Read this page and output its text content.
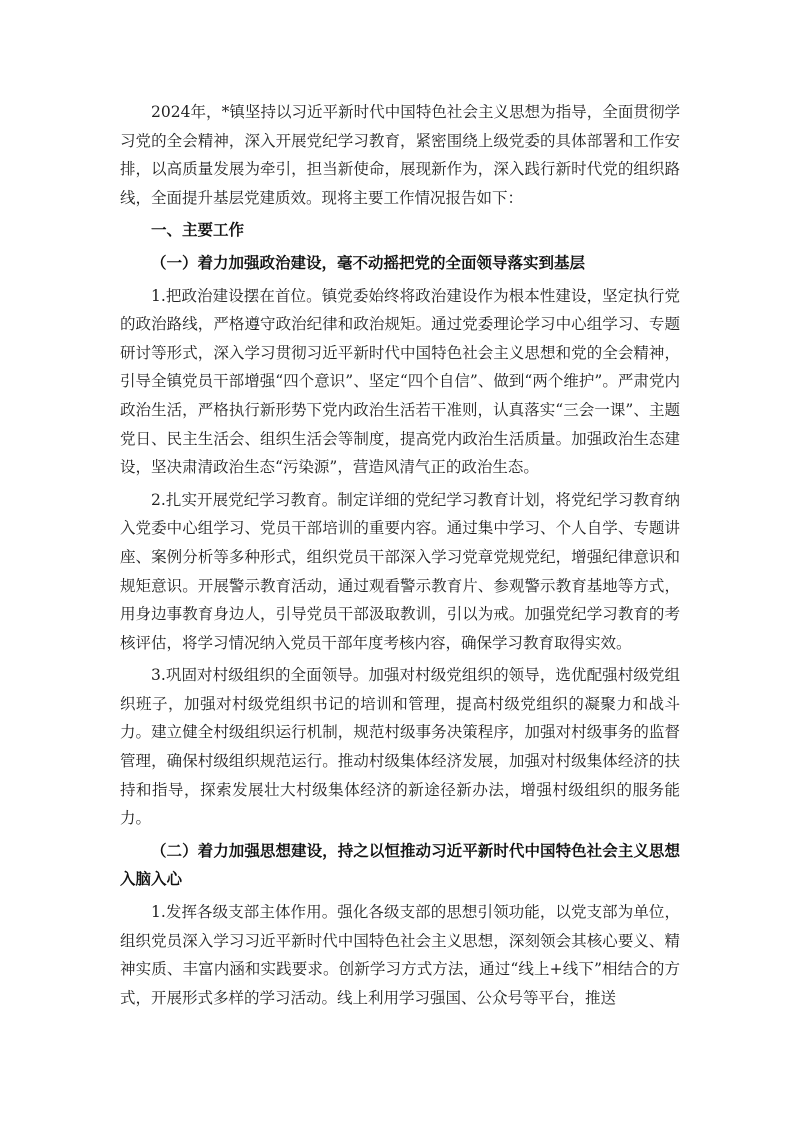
2024年，*镇坚持以习近平新时代中国特色社会主义思想为指导，全面贯彻学习党的全会精神，深入开展党纪学习教育，紧密围绕上级党委的具体部署和工作安排，以高质量发展为牵引，担当新使命，展现新作为，深入践行新时代党的组织路线，全面提升基层党建质效。现将主要工作情况报告如下：

一、主要工作
（一）着力加强政治建设，毫不动摇把党的全面领导落实到基层

1.把政治建设摆在首位。镇党委始终将政治建设作为根本性建设，坚定执行党的政治路线，严格遵守政治纪律和政治规矩。通过党委理论学习中心组学习、专题研讨等形式，深入学习贯彻习近平新时代中国特色社会主义思想和党的全会精神，引导全镇党员干部增强“四个意识”、坚定“四个自信”、做到“两个维护”。严肃党内政治生活，严格执行新形势下党内政治生活若干准则，认真落实“三会一课”、主题党日、民主生活会、组织生活会等制度，提高党内政治生活质量。加强政治生态建设，坚决肃清政治生态“污染源”，营造风清气正的政治生态。

2.扎实开展党纪学习教育。制定详细的党纪学习教育计划，将党纪学习教育纳入党委中心组学习、党员干部培训的重要内容。通过集中学习、个人自学、专题讲座、案例分析等多种形式，组织党员干部深入学习党章党规党纪，增强纪律意识和规矩意识。开展警示教育活动，通过观看警示教育片、参观警示教育基地等方式，用身边事教育身边人，引导党员干部汲取教训，引以为戒。加强党纪学习教育的考核评估，将学习情况纳入党员干部年度考核内容，确保学习教育取得实效。

3.巩固对村级组织的全面领导。加强对村级党组织的领导，选优配强村级党组织班子，加强对村级党组织书记的培训和管理，提高村级党组织的凝聚力和战斗力。建立健全村级组织运行机制，规范村级事务决策程序，加强对村级事务的监督管理，确保村级组织规范运行。推动村级集体经济发展，加强对村级集体经济的扶持和指导，探索发展壮大村级集体经济的新途径新办法，增强村级组织的服务能力。

（二）着力加强思想建设，持之以恒推动习近平新时代中国特色社会主义思想入脑入心

1.发挥各级支部主体作用。强化各级支部的思想引领功能，以党支部为单位，组织党员深入学习习近平新时代中国特色社会主义思想，深刻领会其核心要义、精神实质、丰富内涵和实践要求。创新学习方式方法，通过“线上+线下”相结合的方式，开展形式多样的学习活动。线上利用学习强国、公众号等平台，推送
